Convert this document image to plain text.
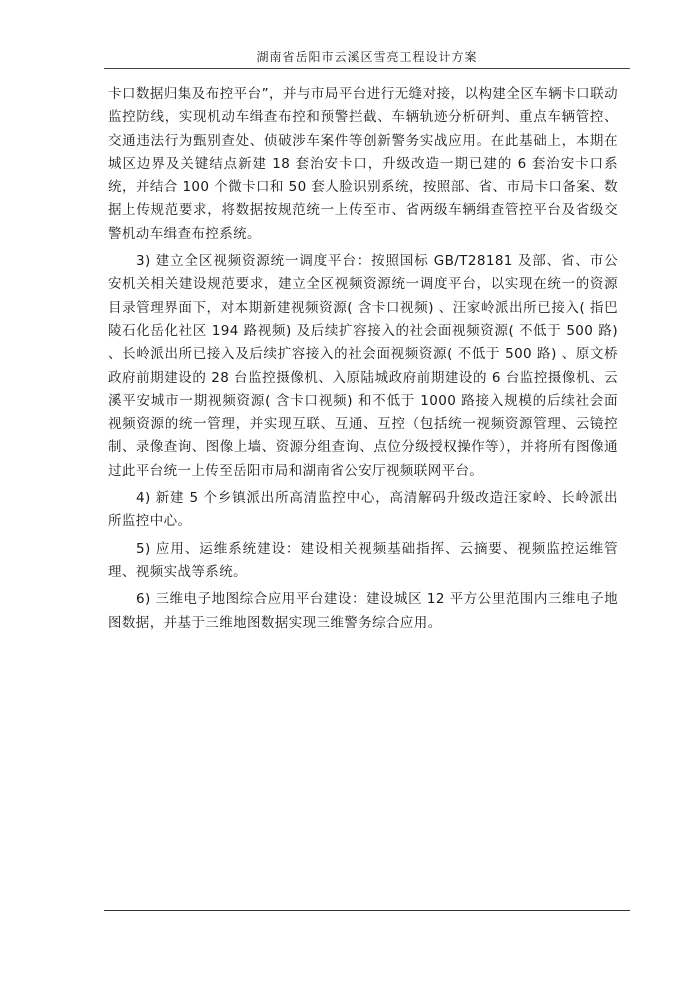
湖南省岳阳市云溪区雪亮工程设计方案

卡口数据归集及布控平台”，并与市局平台进行无缝对接，以构建全区车辆卡口联动监控防线，实现机动车缉查布控和预警拦截、车辆轨迹分析研判、重点车辆管控、交通违法行为甄别查处、侦破涉车案件等创新警务实战应用。在此基础上，本期在城区边界及关键结点新建 18 套治安卡口，升级改造一期已建的 6 套治安卡口系统，并结合 100 个微卡口和 50 套人脸识别系统，按照部、省、市局卡口备案、数据上传规范要求，将数据按规范统一上传至市、省两级车辆缉查管控平台及省级交警机动车缉查布控系统。

3) 建立全区视频资源统一调度平台：按照国标 GB/T28181 及部、省、市公安机关相关建设规范要求，建立全区视频资源统一调度平台，以实现在统一的资源目录管理界面下，对本期新建视频资源( 含卡口视频) 、汪家岭派出所已接入( 指巴陵石化岳化社区 194 路视频) 及后续扩容接入的社会面视频资源( 不低于 500 路) 、长岭派出所已接入及后续扩容接入的社会面视频资源( 不低于 500 路) 、原文桥政府前期建设的 28 台监控摄像机、入原陆城政府前期建设的 6 台监控摄像机、云溪平安城市一期视频资源( 含卡口视频) 和不低于 1000 路接入规模的后续社会面视频资源的统一管理，并实现互联、互通、互控（包括统一视频资源管理、云镜控制、录像查询、图像上墙、资源分组查询、点位分级授权操作等），并将所有图像通过此平台统一上传至岳阳市局和湖南省公安厅视频联网平台。

4) 新建 5 个乡镇派出所高清监控中心，高清解码升级改造汪家岭、长岭派出所监控中心。

5) 应用、运维系统建设：建设相关视频基础指挥、云摘要、视频监控运维管理、视频实战等系统。

6) 三维电子地图综合应用平台建设：建设城区 12 平方公里范围内三维电子地图数据，并基于三维地图数据实现三维警务综合应用。
